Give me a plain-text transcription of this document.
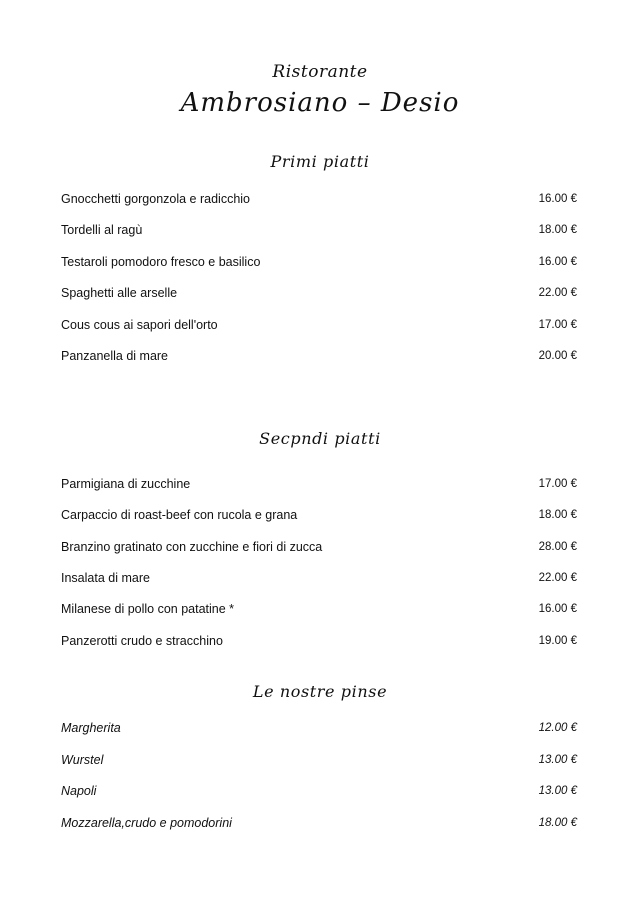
Ristorante
Ambrosiano – Desio
Primi piatti
Gnocchetti gorgonzola e radicchio	16.00 €
Tordelli al ragù	18.00 €
Testaroli pomodoro fresco e basilico	16.00 €
Spaghetti alle arselle	22.00 €
Cous cous ai sapori dell'orto	17.00 €
Panzanella di mare	20.00 €
Secpndi piatti
Parmigiana di zucchine	17.00 €
Carpaccio di roast-beef con rucola e grana	18.00 €
Branzino gratinato con zucchine e fiori di zucca	28.00 €
Insalata di mare	22.00 €
Milanese di pollo con patatine *	16.00 €
Panzerotti crudo e stracchino	19.00 €
Le nostre pinse
Margherita	12.00 €
Wurstel	13.00 €
Napoli	13.00 €
Mozzarella,crudo e pomodorini	18.00 €
